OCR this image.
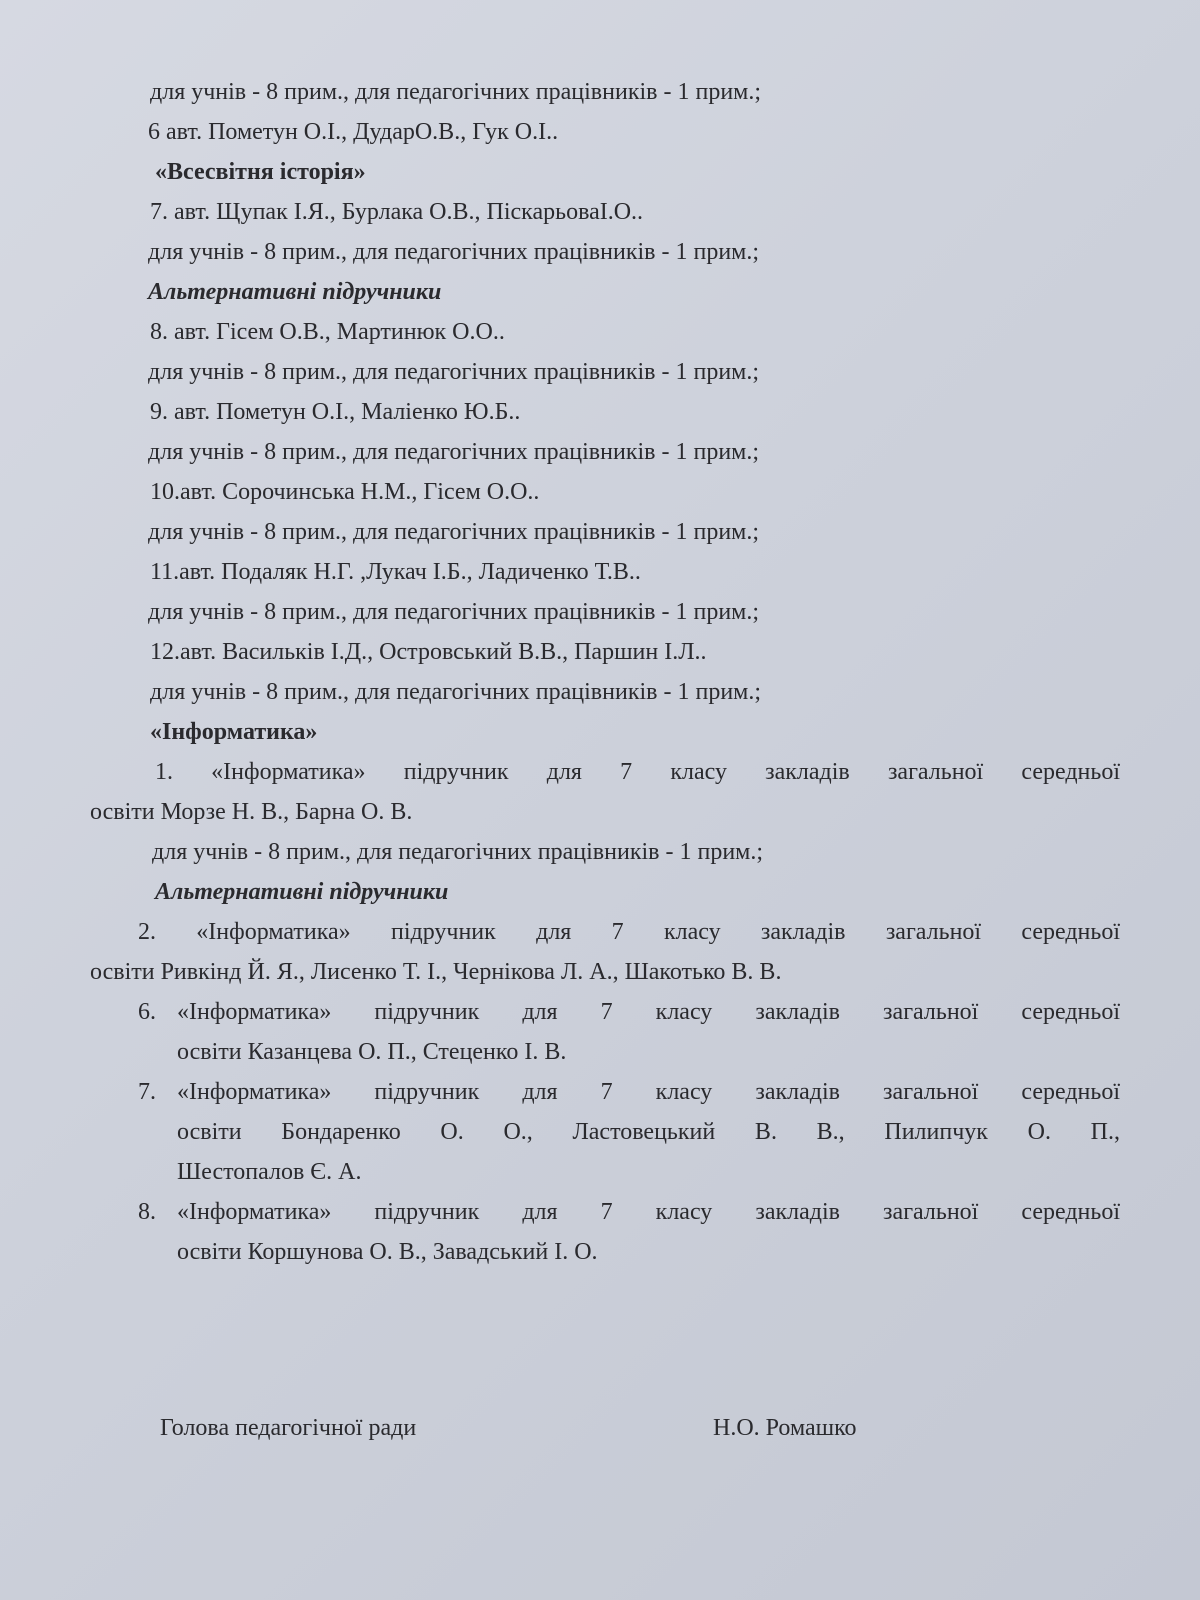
для учнів - 8 прим., для педагогічних працівників - 1 прим.;
6 авт. Пометун О.І., ДударО.В., Гук О.І..
«Всесвітня історія»
7. авт. Щупак І.Я., Бурлака О.В., ПіскарьоваІ.О..
для учнів - 8 прим., для педагогічних працівників - 1 прим.;
Альтернативні підручники
8. авт. Гісем О.В., Мартинюк О.О..
для учнів - 8 прим., для педагогічних працівників - 1 прим.;
9. авт. Пометун О.І., Маліенко Ю.Б..
для учнів - 8 прим., для педагогічних працівників - 1 прим.;
10.авт. Сорочинська Н.М., Гісем О.О..
для учнів - 8 прим., для педагогічних працівників - 1 прим.;
11.авт. Подаляк Н.Г. ,Лукач І.Б., Ладиченко Т.В..
для учнів - 8 прим., для педагогічних працівників - 1 прим.;
12.авт. Васильків І.Д., Островський В.В., Паршин І.Л..
для учнів - 8 прим., для педагогічних працівників - 1 прим.;
«Інформатика»
1. «Інформатика» підручник для 7 класу закладів загальної середньої
освіти Морзе Н. В., Барна О. В.
для учнів - 8 прим., для педагогічних працівників - 1 прим.;
Альтернативні підручники
2. «Інформатика» підручник для 7 класу закладів загальної середньої
освіти Ривкінд Й. Я., Лисенко Т. І., Чернікова Л. А., Шакотько В. В.
6. «Інформатика» підручник для 7 класу закладів загальної середньої
освіти Казанцева О. П., Стеценко І. В.
7. «Інформатика» підручник для 7 класу закладів загальної середньої
освіти Бондаренко О. О., Ластовецький В. В., Пилипчук О. П.,
Шестопалов Є. А.
8. «Інформатика» підручник для 7 класу закладів загальної середньої
освіти Коршунова О. В., Завадський І. О.
Голова педагогічної ради	Н.О. Ромашко
